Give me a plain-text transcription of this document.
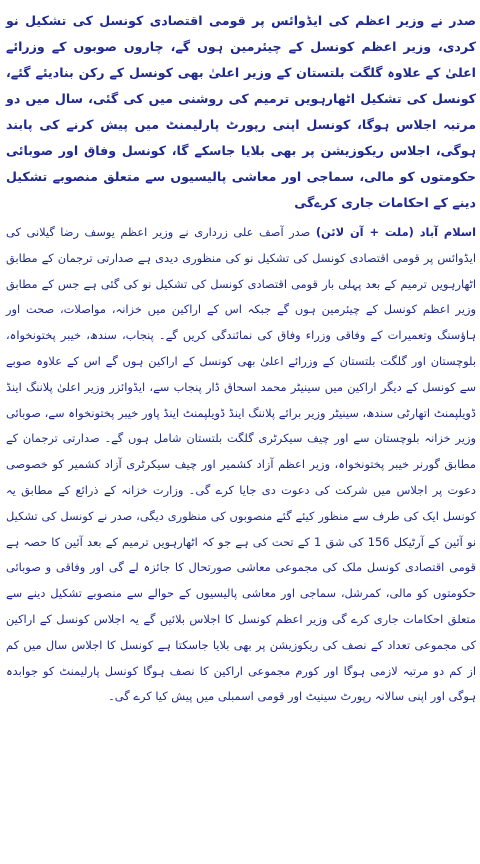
صدر نے وزیر اعظم کی ایڈوائس پر قومی اقتصادی کونسل کی تشکیل نو کردی، وزیر اعظم کونسل کے چیئرمین ہوں گے، چاروں صوبوں کے وزرائے اعلیٰ کے علاوہ گلگت بلتستان کے وزیر اعلیٰ بھی کونسل کے رکن بنادیئے گئے، کونسل کی تشکیل اٹھارہویں ترمیم کی روشنی میں کی گئی، سال میں دو مرتبہ اجلاس ہوگا، کونسل اپنی رپورٹ پارلیمنٹ میں پیش کرنے کی پابند ہوگی، اجلاس ریکوزیشن پر بھی بلایا جاسکے گا، کونسل وفاق اور صوبائی حکومتوں کو مالی، سماجی اور معاشی پالیسیوں سے متعلق منصوبے تشکیل دینے کے احکامات جاری کرےگی

اسلام آباد (ملت + آن لائن) صدر آصف علی زرداری نے وزیر اعظم یوسف رضا گیلانی کی ایڈوائس پر قومی اقتصادی کونسل کی تشکیل نو کی منظوری دیدی ہے صدارتی ترجمان کے مطابق اٹھارہویں ترمیم کے بعد پہلی بار قومی اقتصادی کونسل کی تشکیل نو کی گئی ہے جس کے مطابق وزیر اعظم کونسل کے چیئرمین ہوں گے جبکہ اس کے اراکین میں خزانہ، مواصلات، صحت اور ہاؤسنگ وتعمیرات کے وفاقی وزراء وفاق کی نمائندگی کریں گے۔ پنجاب، سندھ، خیبر پختونخواہ، بلوچستان اور گلگت بلتستان کے وزرائے اعلیٰ بھی کونسل کے اراکین ہوں گے اس کے علاوہ صوبے سے کونسل کے دیگر اراکین میں سینیٹر محمد اسحاق ڈار پنجاب سے، ایڈوائزر وزیر اعلیٰ پلاننگ اینڈ ڈویلپمنٹ اتھارٹی سندھ، سینیٹر وزیر برائے پلاننگ اینڈ ڈویلپمنٹ اینڈ پاور خیبر پختونخواہ سے، صوبائی وزیر خزانہ بلوچستان سے اور چیف سیکرٹری گلگت بلتستان شامل ہوں گے۔ صدارتی ترجمان کے مطابق گورنر خیبر پختونخواہ، وزیر اعظم آزاد کشمیر اور چیف سیکرٹری آزاد کشمیر کو خصوصی دعوت پر اجلاس میں شرکت کی دعوت دی جایا کرے گی۔ وزارت خزانہ کے ذرائع کے مطابق یہ کونسل ایک کی طرف سے منظور کیئے گئے منصوبوں کی منظوری دیگی، صدر نے کونسل کی تشکیل نو آئین کے آرٹیکل 156 کی شق 1 کے تحت کی ہے جو کہ اٹھارہویں ترمیم کے بعد آئین کا حصہ ہے قومی اقتصادی کونسل ملک کی مجموعی معاشی صورتحال کا جائزہ لے گی اور وفاقی و صوبائی حکومتوں کو مالی، کمرشل، سماجی اور معاشی پالیسیوں کے حوالے سے منصوبے تشکیل دینے سے متعلق احکامات جاری کرے گی وزیر اعظم کونسل کا اجلاس بلائیں گے یہ اجلاس کونسل کے اراکین کی مجموعی تعداد کے نصف کی ریکوزیشن پر بھی بلایا جاسکتا ہے کونسل کا اجلاس سال میں کم از کم دو مرتبہ لازمی ہوگا اور کورم مجموعی اراکین کا نصف ہوگا کونسل پارلیمنٹ کو جوابدہ ہوگی اور اپنی سالانہ رپورٹ سینیٹ اور قومی اسمبلی میں پیش کیا کرے گی۔
